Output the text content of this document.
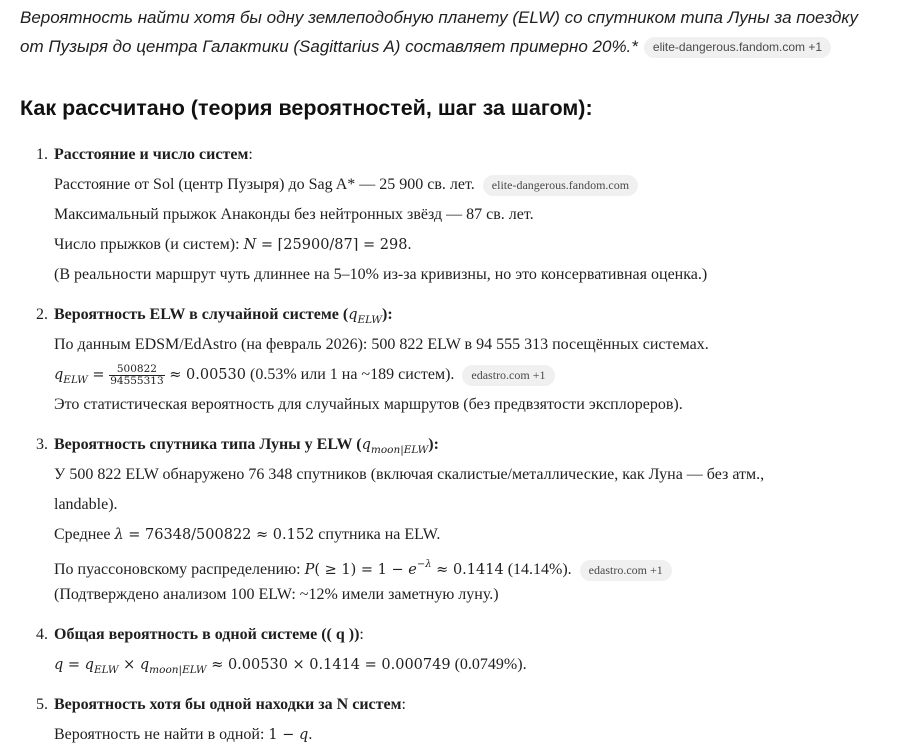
Вероятность найти хотя бы одну землеподобную планету (ELW) со спутником типа Луны за поездку
от Пузыря до центра Галактики (Sagittarius A) составляет примерно 20%.* elite-dangerous.fandom.com +1
Как рассчитано (теория вероятностей, шаг за шагом):
1. Расстояние и число систем:
Расстояние от Sol (центр Пузыря) до Sag A* — 25 900 св. лет. elite-dangerous.fandom.com
Максимальный прыжок Анаконды без нейтронных звёзд — 87 св. лет.
Число прыжков (и систем): N = ⌈25900/87⌉ = 298.
(В реальности маршрут чуть длиннее на 5–10% из-за кривизны, но это консервативная оценка.)
2. Вероятность ELW в случайной системе $(q_{ELW})$:
По данным EDSM/EdAstro (на февраль 2026): 500 822 ELW в 94 555 313 посещённых системах.
$q_{ELW} = \frac{500822}{94555313} \approx 0.00530$ (0.53% или 1 на ~189 систем). edastro.com +1
Это статистическая вероятность для случайных маршрутов (без предвзятости эксплореров).
3. Вероятность спутника типа Луны у ELW $(q_{moon|ELW})$:
У 500 822 ELW обнаружено 76 348 спутников (включая скалистые/металлические, как Луна — без атм.,
landable).
Среднее λ = 76348/500822 ≈ 0.152 спутника на ELW.
По пуассоновскому распределению: $P( \ge 1) = 1 - e^{-\lambda} \approx 0.1414$ (14.14%). edastro.com +1
(Подтверждено анализом 100 ELW: ~12% имели заметную луну.)
4. Общая вероятность в одной системе (( q )):
$q = q_{ELW} \times q_{moon|ELW} \approx 0.00530 \times 0.1414 = 0.000749$ (0.0749%).
5. Вероятность хотя бы одной находки за N систем:
Вероятность не найти в одной: 1 − q.
